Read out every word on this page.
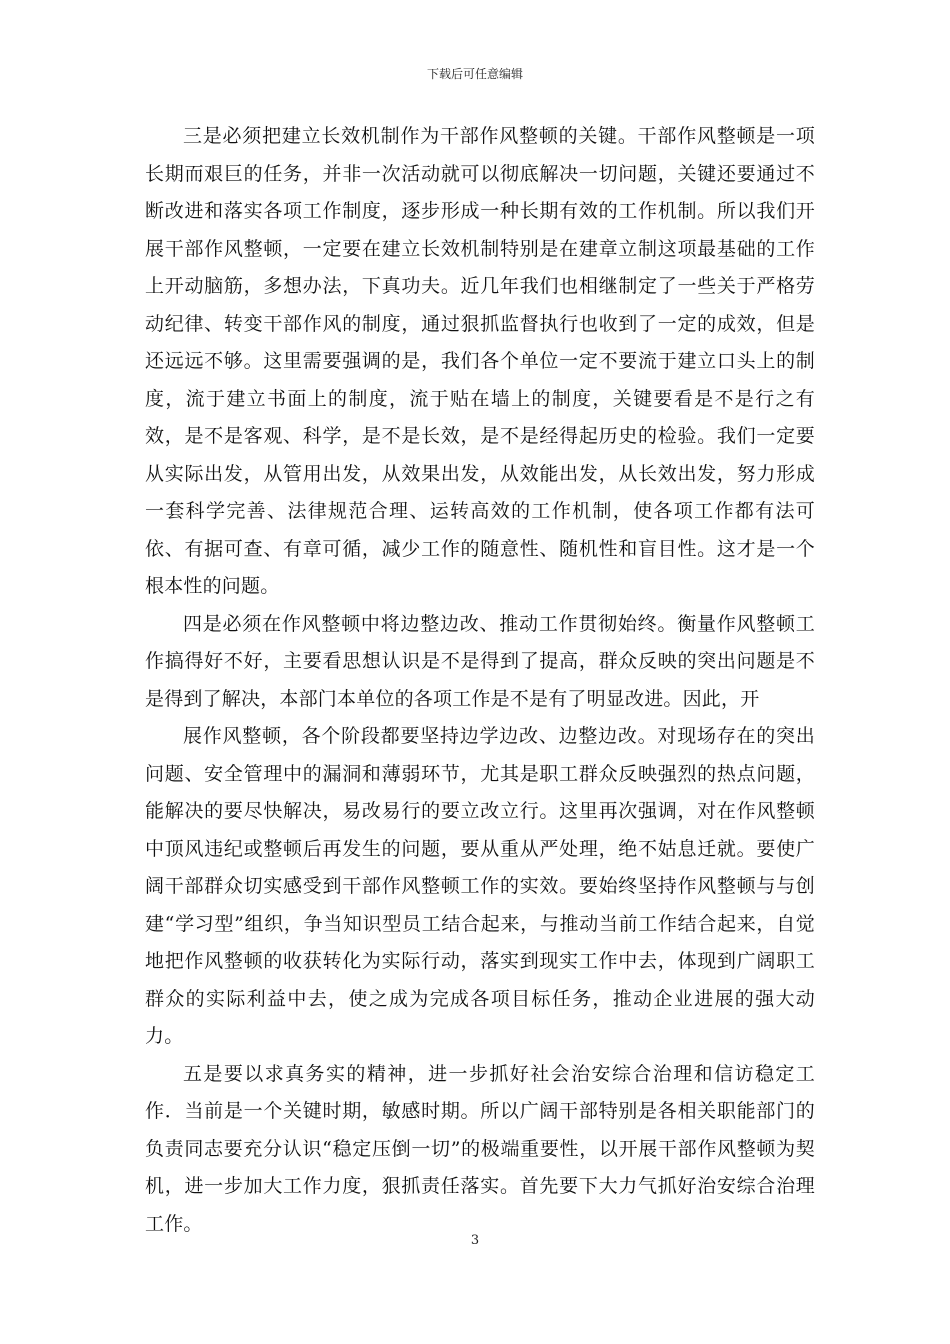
下载后可任意编辑

三是必须把建立长效机制作为干部作风整顿的关键。干部作风整顿是一项长期而艰巨的任务，并非一次活动就可以彻底解决一切问题，关键还要通过不断改进和落实各项工作制度，逐步形成一种长期有效的工作机制。所以我们开展干部作风整顿，一定要在建立长效机制特别是在建章立制这项最基础的工作上开动脑筋，多想办法，下真功夫。近几年我们也相继制定了一些关于严格劳动纪律、转变干部作风的制度，通过狠抓监督执行也收到了一定的成效，但是还远远不够。这里需要强调的是，我们各个单位一定不要流于建立口头上的制度，流于建立书面上的制度，流于贴在墙上的制度，关键要看是不是行之有效，是不是客观、科学，是不是长效，是不是经得起历史的检验。我们一定要从实际出发，从管用出发，从效果出发，从效能出发，从长效出发，努力形成一套科学完善、法律规范合理、运转高效的工作机制，使各项工作都有法可依、有据可查、有章可循，减少工作的随意性、随机性和盲目性。这才是一个根本性的问题。

四是必须在作风整顿中将边整边改、推动工作贯彻始终。衡量作风整顿工作搞得好不好，主要看思想认识是不是得到了提高，群众反映的突出问题是不是得到了解决，本部门本单位的各项工作是不是有了明显改进。因此，开

展作风整顿，各个阶段都要坚持边学边改、边整边改。对现场存在的突出问题、安全管理中的漏洞和薄弱环节，尤其是职工群众反映强烈的热点问题，能解决的要尽快解决，易改易行的要立改立行。这里再次强调，对在作风整顿中顶风违纪或整顿后再发生的问题，要从重从严处理，绝不姑息迁就。要使广阔干部群众切实感受到干部作风整顿工作的实效。要始终坚持作风整顿与与创建“学习型”组织，争当知识型员工结合起来，与推动当前工作结合起来，自觉地把作风整顿的收获转化为实际行动，落实到现实工作中去，体现到广阔职工群众的实际利益中去，使之成为完成各项目标任务，推动企业进展的强大动力。

五是要以求真务实的精神，进一步抓好社会治安综合治理和信访稳定工作．当前是一个关键时期，敏感时期。所以广阔干部特别是各相关职能部门的负责同志要充分认识“稳定压倒一切”的极端重要性，以开展干部作风整顿为契机，进一步加大工作力度，狠抓责任落实。首先要下大力气抓好治安综合治理工作。

3
